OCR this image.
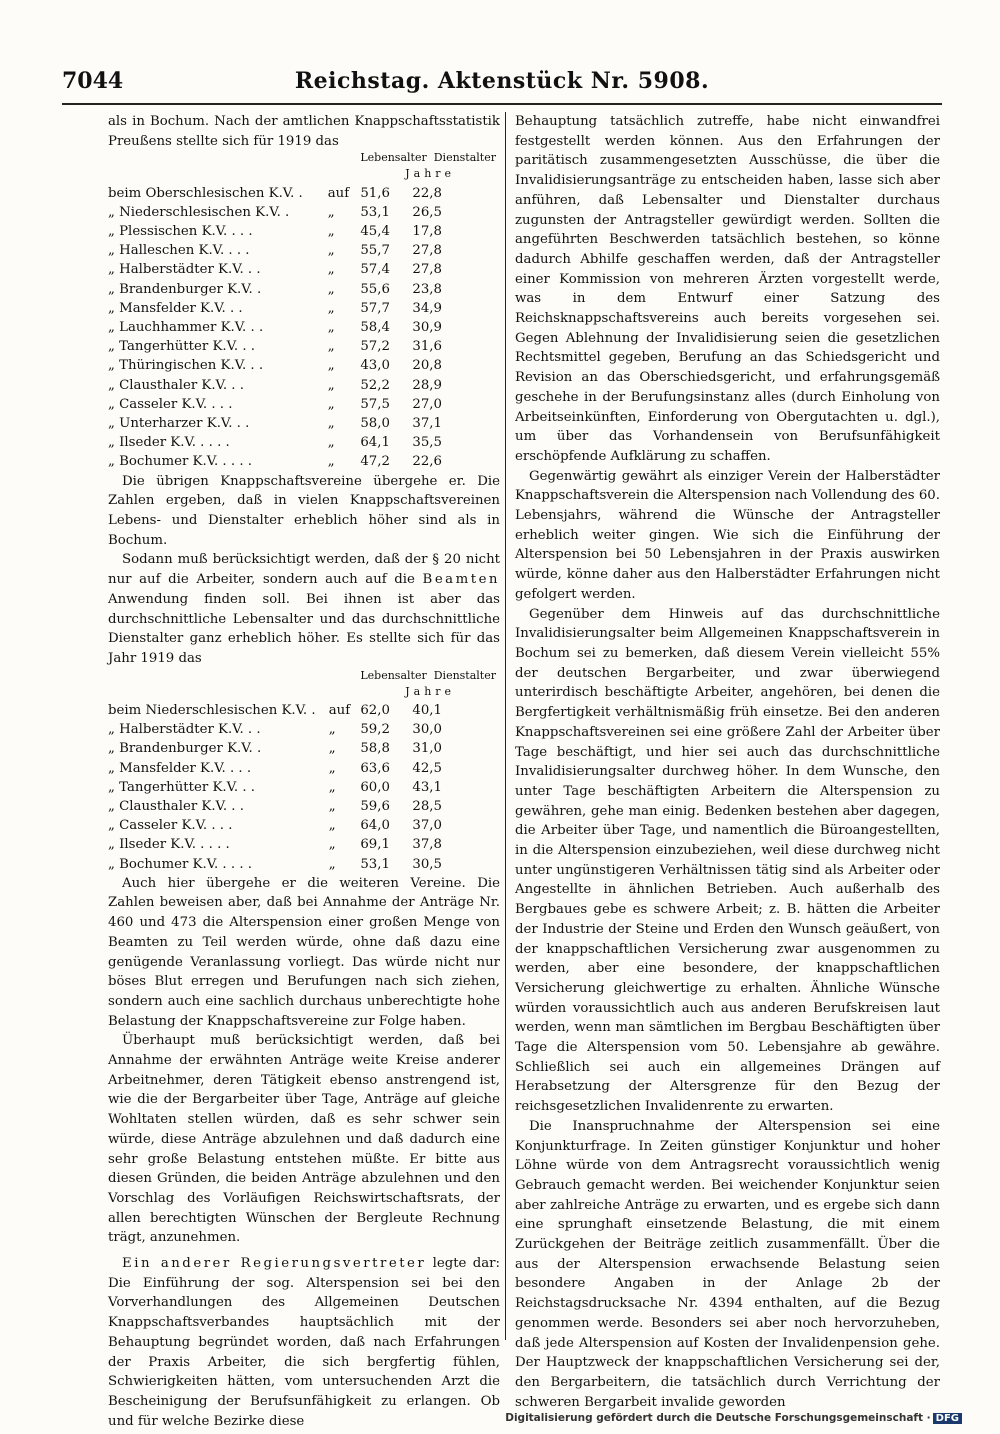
7044	Reichstag. Aktenstück Nr. 5908.

als in Bochum. Nach der amtlichen Knappschaftsstatistik Preußens stellte sich für 1919 das

		Lebensalter Dienstalter	
		Jahre	
beim Oberschlesischen K.V. .	auf	51,6	22,8
„ Niederschlesischen K.V. .	„	53,1	26,5
„ Plessischen K.V. . . .	„	45,4	17,8
„ Halleschen K.V. . . .	„	55,7	27,8
„ Halberstädter K.V. . .	„	57,4	27,8
„ Brandenburger K.V. .	„	55,6	23,8
„ Mansfelder K.V. . .	„	57,7	34,9
„ Lauchhammer K.V. . .	„	58,4	30,9
„ Tangerhütter K.V. . .	„	57,2	31,6
„ Thüringischen K.V. . .	„	43,0	20,8
„ Clausthaler K.V. . .	„	52,2	28,9
„ Casseler K.V. . . .	„	57,5	27,0
„ Unterharzer K.V. . .	„	58,0	37,1
„ Ilseder K.V. . . . .	„	64,1	35,5
„ Bochumer K.V. . . . .	„	47,2	22,6

Die übrigen Knappschaftsvereine übergehe er. Die Zahlen ergeben, daß in vielen Knappschaftsvereinen Lebens- und Dienstalter erheblich höher sind als in Bochum.

Sodann muß berücksichtigt werden, daß der § 20 nicht nur auf die Arbeiter, sondern auch auf die Beamten Anwendung finden soll. Bei ihnen ist aber das durchschnittliche Lebensalter und das durchschnittliche Dienstalter ganz erheblich höher. Es stellte sich für das Jahr 1919 das

		Lebensalter Dienstalter	
		Jahre	
beim Niederschlesischen K.V. .	auf	62,0	40,1
„ Halberstädter K.V. . .	„	59,2	30,0
„ Brandenburger K.V. .	„	58,8	31,0
„ Mansfelder K.V. . . .	„	63,6	42,5
„ Tangerhütter K.V. . .	„	60,0	43,1
„ Clausthaler K.V. . .	„	59,6	28,5
„ Casseler K.V. . . .	„	64,0	37,0
„ Ilseder K.V. . . . .	„	69,1	37,8
„ Bochumer K.V. . . . .	„	53,1	30,5

Auch hier übergehe er die weiteren Vereine. Die Zahlen beweisen aber, daß bei Annahme der Anträge Nr. 460 und 473 die Alterspension einer großen Menge von Beamten zu Teil werden würde, ohne daß dazu eine genügende Veranlassung vorliegt. Das würde nicht nur böses Blut erregen und Berufungen nach sich ziehen, sondern auch eine sachlich durchaus unberechtigte hohe Belastung der Knappschaftsvereine zur Folge haben.

Überhaupt muß berücksichtigt werden, daß bei Annahme der erwähnten Anträge weite Kreise anderer Arbeitnehmer, deren Tätigkeit ebenso anstrengend ist, wie die der Bergarbeiter über Tage, Anträge auf gleiche Wohltaten stellen würden, daß es sehr schwer sein würde, diese Anträge abzulehnen und daß dadurch eine sehr große Belastung entstehen müßte. Er bitte aus diesen Gründen, die beiden Anträge abzulehnen und den Vorschlag des Vorläufigen Reichswirtschaftsrats, der allen berechtigten Wünschen der Bergleute Rechnung trägt, anzunehmen.

Ein anderer Regierungsvertreter legte dar: Die Einführung der sog. Alterspension sei bei den Vorverhandlungen des Allgemeinen Deutschen Knappschaftsverbandes hauptsächlich mit der Behauptung begründet worden, daß nach Erfahrungen der Praxis Arbeiter, die sich bergfertig fühlen, Schwierigkeiten hätten, vom untersuchenden Arzt die Bescheinigung der Berufsunfähigkeit zu erlangen. Ob und für welche Bezirke diese

Behauptung tatsächlich zutreffe, habe nicht einwandfrei festgestellt werden können. Aus den Erfahrungen der paritätisch zusammengesetzten Ausschüsse, die über die Invalidisierungsanträge zu entscheiden haben, lasse sich aber anführen, daß Lebensalter und Dienstalter durchaus zugunsten der Antragsteller gewürdigt werden. Sollten die angeführten Beschwerden tatsächlich bestehen, so könne dadurch Abhilfe geschaffen werden, daß der Antragsteller einer Kommission von mehreren Ärzten vorgestellt werde, was in dem Entwurf einer Satzung des Reichsknappschaftsvereins auch bereits vorgesehen sei. Gegen Ablehnung der Invalidisierung seien die gesetzlichen Rechtsmittel gegeben, Berufung an das Schiedsgericht und Revision an das Oberschiedsgericht, und erfahrungsgemäß geschehe in der Berufungsinstanz alles (durch Einholung von Arbeitseinkünften, Einforderung von Obergutachten u. dgl.), um über das Vorhandensein von Berufsunfähigkeit erschöpfende Aufklärung zu schaffen.

Gegenwärtig gewährt als einziger Verein der Halberstädter Knappschaftsverein die Alterspension nach Vollendung des 60. Lebensjahrs, während die Wünsche der Antragsteller erheblich weiter gingen. Wie sich die Einführung der Alterspension bei 50 Lebensjahren in der Praxis auswirken würde, könne daher aus den Halberstädter Erfahrungen nicht gefolgert werden.

Gegenüber dem Hinweis auf das durchschnittliche Invalidisierungsalter beim Allgemeinen Knappschaftsverein in Bochum sei zu bemerken, daß diesem Verein vielleicht 55% der deutschen Bergarbeiter, und zwar überwiegend unterirdisch beschäftigte Arbeiter, angehören, bei denen die Bergfertigkeit verhältnismäßig früh einsetze. Bei den anderen Knappschaftsvereinen sei eine größere Zahl der Arbeiter über Tage beschäftigt, und hier sei auch das durchschnittliche Invalidisierungsalter durchweg höher. In dem Wunsche, den unter Tage beschäftigten Arbeitern die Alterspension zu gewähren, gehe man einig. Bedenken bestehen aber dagegen, die Arbeiter über Tage, und namentlich die Büroangestellten, in die Alterspension einzubeziehen, weil diese durchweg nicht unter ungünstigeren Verhältnissen tätig sind als Arbeiter oder Angestellte in ähnlichen Betrieben. Auch außerhalb des Bergbaues gebe es schwere Arbeit; z. B. hätten die Arbeiter der Industrie der Steine und Erden den Wunsch geäußert, von der knappschaftlichen Versicherung zwar ausgenommen zu werden, aber eine besondere, der knappschaftlichen Versicherung gleichwertige zu erhalten. Ähnliche Wünsche würden voraussichtlich auch aus anderen Berufskreisen laut werden, wenn man sämtlichen im Bergbau Beschäftigten über Tage die Alterspension vom 50. Lebensjahre ab gewähre. Schließlich sei auch ein allgemeines Drängen auf Herabsetzung der Altersgrenze für den Bezug der reichsgesetzlichen Invalidenrente zu erwarten.

Die Inanspruchnahme der Alterspension sei eine Konjunkturfrage. In Zeiten günstiger Konjunktur und hoher Löhne würde von dem Antragsrecht voraussichtlich wenig Gebrauch gemacht werden. Bei weichender Konjunktur seien aber zahlreiche Anträge zu erwarten, und es ergebe sich dann eine sprunghaft einsetzende Belastung, die mit einem Zurückgehen der Beiträge zeitlich zusammenfällt. Über die aus der Alterspension erwachsende Belastung seien besondere Angaben in der Anlage 2b der Reichstagsdrucksache Nr. 4394 enthalten, auf die Bezug genommen werde. Besonders sei aber noch hervorzuheben, daß jede Alterspension auf Kosten der Invalidenpension gehe. Der Hauptzweck der knappschaftlichen Versicherung sei der, den Bergarbeitern, die tatsächlich durch Verrichtung der schweren Bergarbeit invalide geworden

Digitalisierung gefördert durch die Deutsche Forschungsgemeinschaft · DFG
